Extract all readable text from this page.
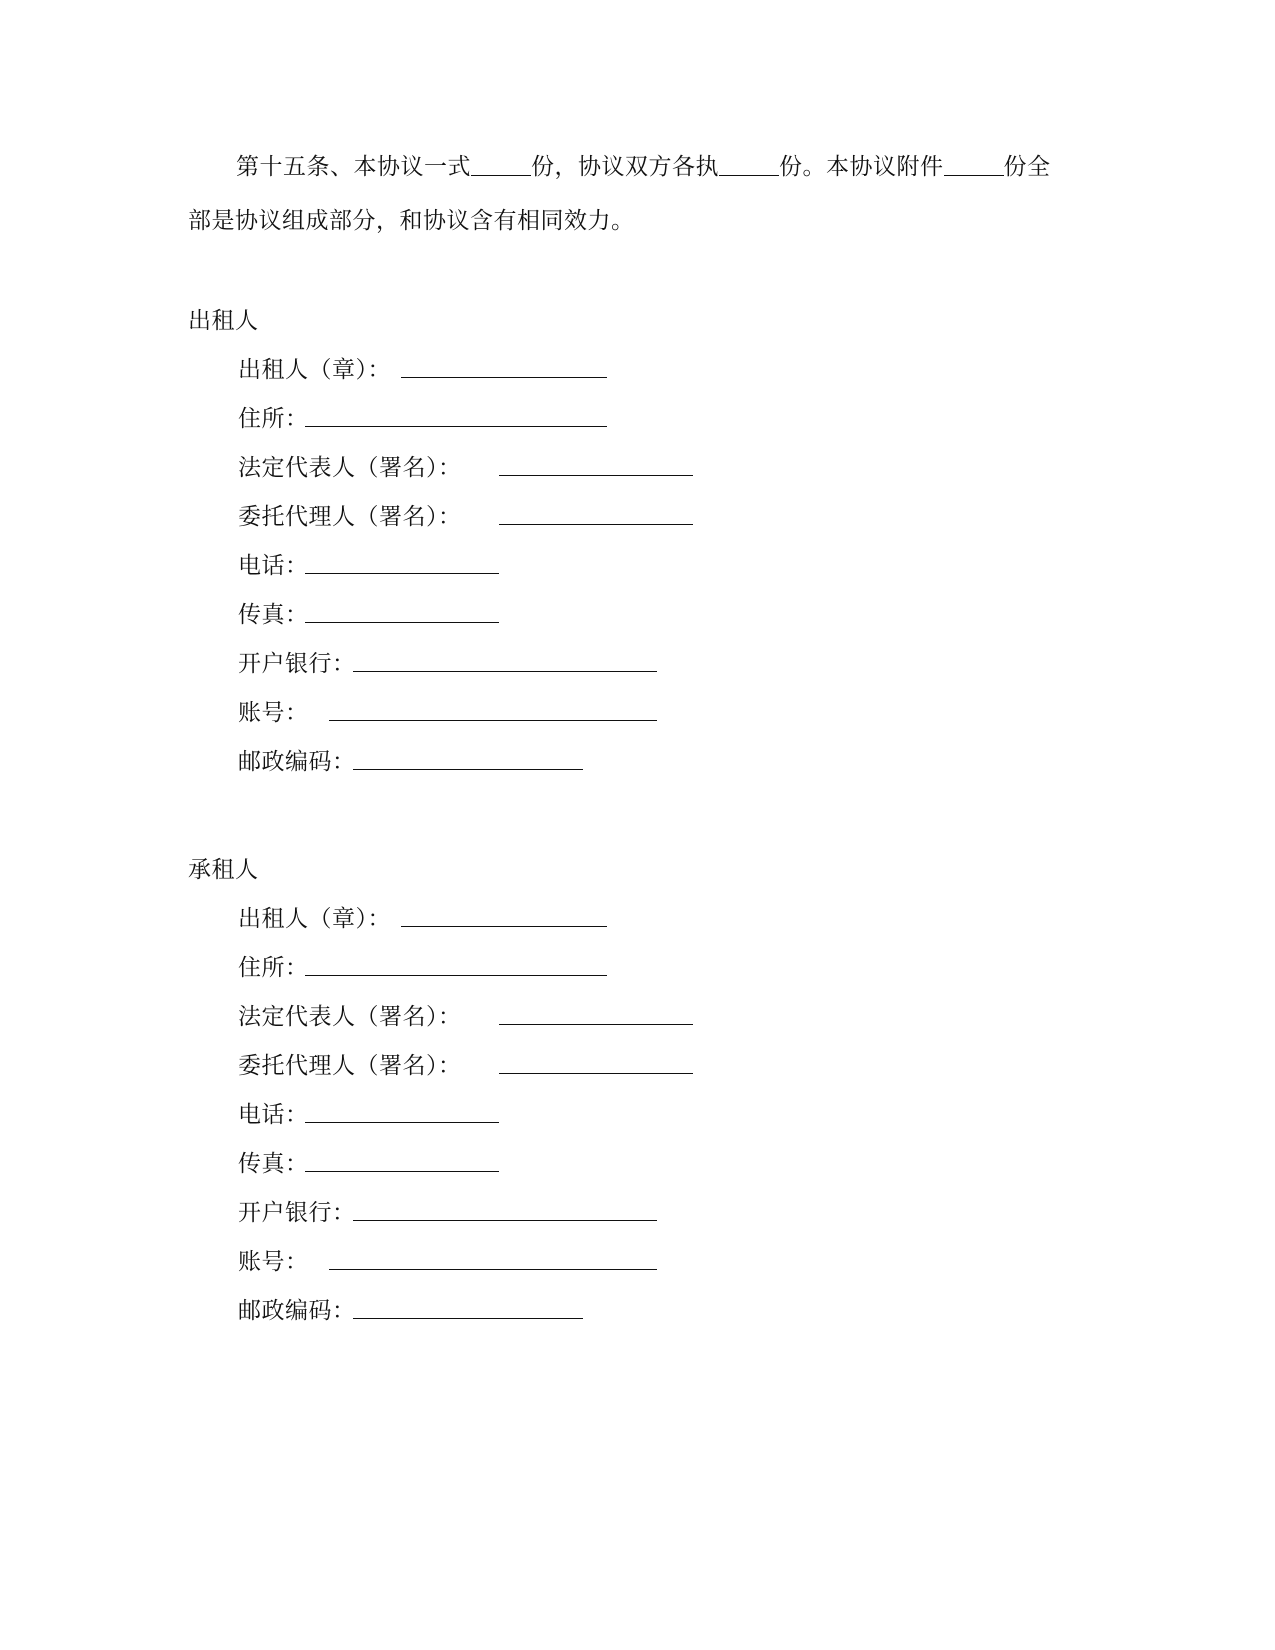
第十五条、本协议一式	份，协议双方各执	份。本协议附件	份全
部是协议组成部分，和协议含有相同效力。
出租人
出租人（章）：
住所：
法定代表人（署名）：
委托代理人（署名）：
电话：
传真：
开户银行：
账号：
邮政编码：
承租人
出租人（章）：
住所：
法定代表人（署名）：
委托代理人（署名）：
电话：
传真：
开户银行：
账号：
邮政编码：
